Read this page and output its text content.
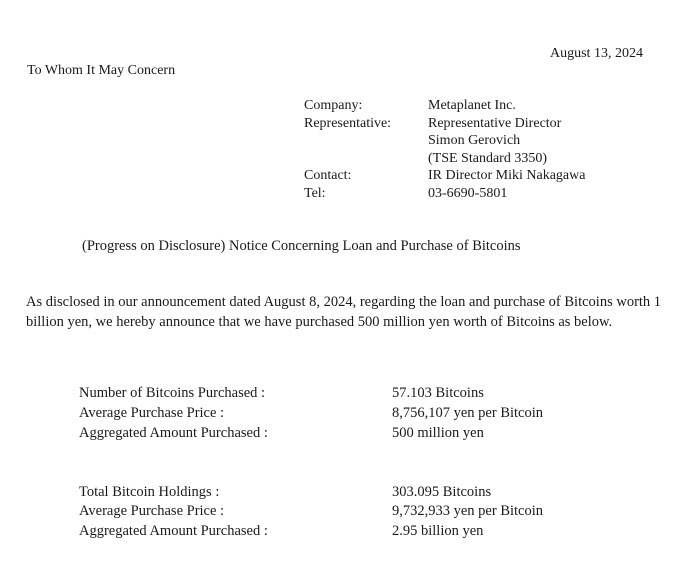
August 13, 2024
To Whom It May Concern
Company:	Metaplanet Inc.
Representative:	Representative Director
Simon Gerovich
(TSE Standard 3350)
Contact:	IR Director Miki Nakagawa
Tel:	03-6690-5801
(Progress on Disclosure) Notice Concerning Loan and Purchase of Bitcoins
As disclosed in our announcement dated August 8, 2024, regarding the loan and purchase of Bitcoins worth 1 billion yen, we hereby announce that we have purchased 500 million yen worth of Bitcoins as below.
Number of Bitcoins Purchased :	57.103 Bitcoins
Average Purchase Price :	8,756,107 yen per Bitcoin
Aggregated Amount Purchased :	500 million yen
Total Bitcoin Holdings :	303.095 Bitcoins
Average Purchase Price :	9,732,933 yen per Bitcoin
Aggregated Amount Purchased :	2.95 billion yen
